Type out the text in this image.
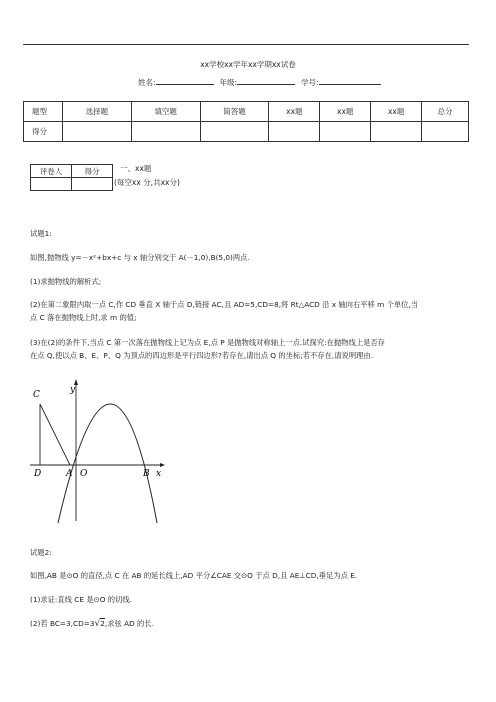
xx学校xx学年xx学期xx试卷
姓名:	年级:	学号:
题型	选择题	填空题	简答题	xx题	xx题	xx题	总分
得分							
评卷人	得分
		一、xx题
(每空xx 分,共xx分)
试题1:
如图,抛物线 y=－x²+bx+c 与 x 轴分别交于 A(－1,0),B(5,0)两点.
(1)求抛物线的解析式;
(2)在第二象限内取一点 C,作 CD 垂直 X 轴于点 D,链接 AC,且 AD=5,CD=8,将 Rt△ACD 沿 x 轴向右平移 m 个单位,当
点 C 落在抛物线上时,求 m 的值;
(3)在(2)的条件下,当点 C 第一次落在抛物线上记为点 E,点 P 是抛物线对称轴上一点.试探究:在抛物线上是否存
在点 Q,使以点 B、E、P、Q 为顶点的四边形是平行四边形?若存在,请出点 Q 的坐标;若不存在,请说明理由.
C
D	A O	B x
y
试题2:
如图,AB 是⊙O 的直径,点 C 在 AB 的延长线上,AD 平分∠CAE 交⊙O 于点 D,且 AE⊥CD,垂足为点 E.
(1)求证:直线 CE 是⊙O 的切线.
(2)若 BC=3,CD=3√2,求弦 AD 的长.
